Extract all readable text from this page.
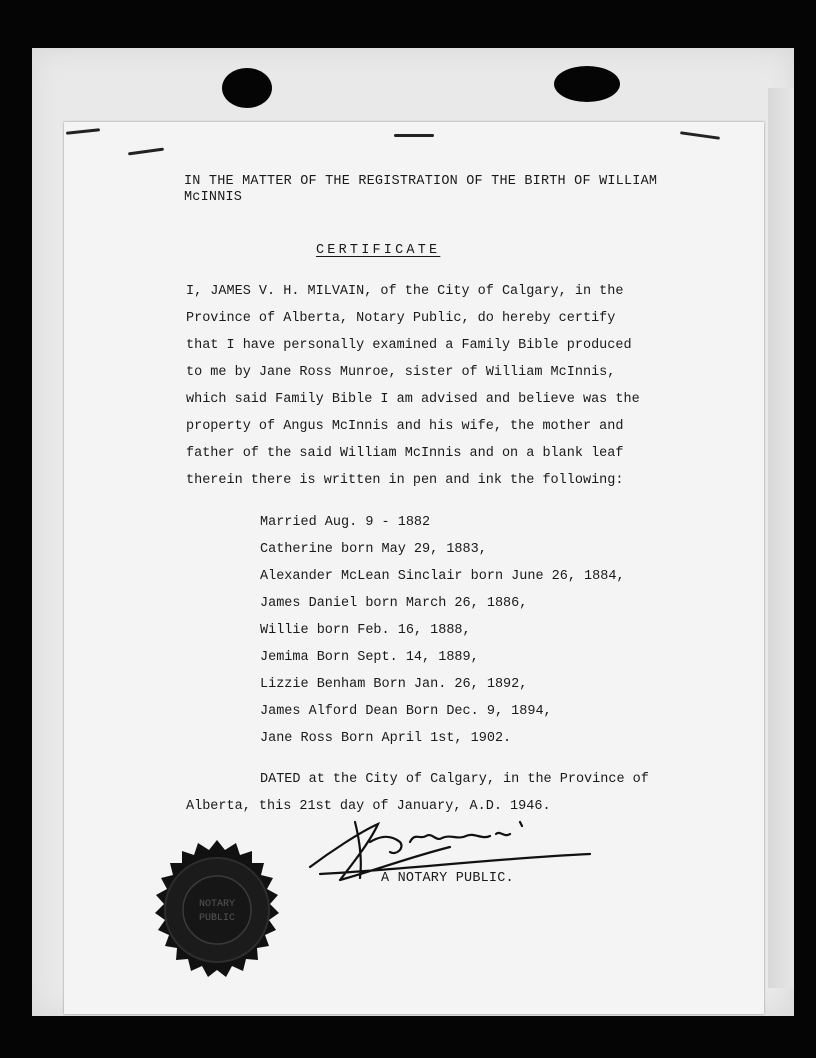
IN THE MATTER OF THE REGISTRATION OF THE BIRTH OF WILLIAM
McINNIS
CERTIFICATE
I, JAMES V. H. MILVAIN, of the City of Calgary, in the
Province of Alberta, Notary Public, do hereby certify
that I have personally examined a Family Bible produced
to me by Jane Ross Munroe, sister of William McInnis,
which said Family Bible I am advised and believe was the
property of Angus McInnis and his wife, the mother and
father of the said William McInnis and on a blank leaf
therein there is written in pen and ink the following:
Married Aug. 9 - 1882
Catherine born May 29, 1883,
Alexander McLean Sinclair born June 26, 1884,
James Daniel born March 26, 1886,
Willie born Feb. 16, 1888,
Jemima Born Sept. 14, 1889,
Lizzie Benham Born Jan. 26, 1892,
James Alford Dean Born Dec. 9, 1894,
Jane Ross Born April 1st, 1902.
DATED at the City of Calgary, in the Province of
Alberta, this 21st day of January, A.D. 1946.
A NOTARY PUBLIC.
NOTARY
PUBLIC
